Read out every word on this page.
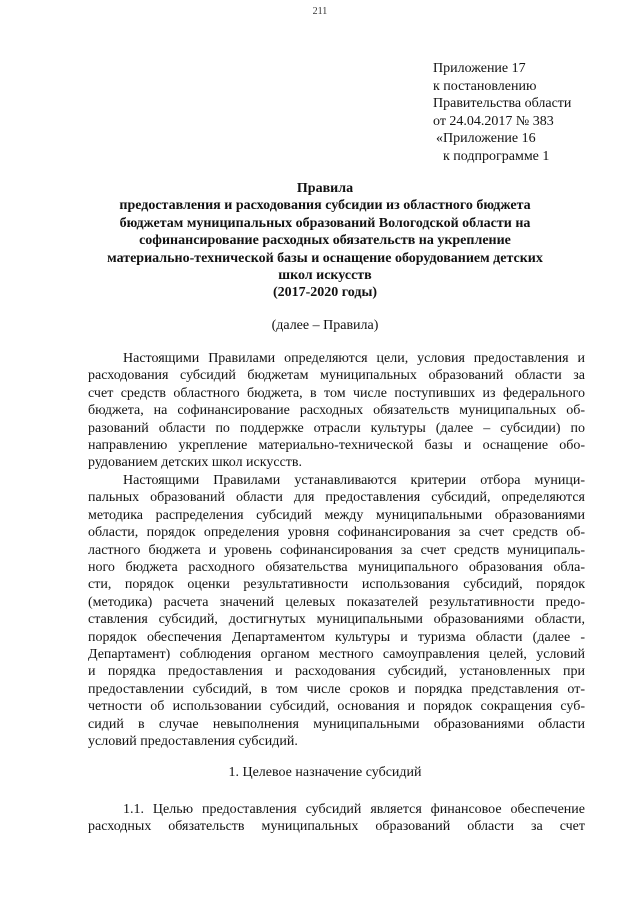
211
Приложение 17
к постановлению
Правительства области
от 24.04.2017 № 383
«Приложение 16
к подпрограмме 1
Правила
предоставления и расходования субсидии из областного бюджета
бюджетам муниципальных образований Вологодской области на
софинансирование расходных обязательств на укрепление
материально-технической базы и оснащение оборудованием детских
школ искусств
(2017-2020 годы)
(далее – Правила)
Настоящими Правилами определяются цели, условия предоставления и
расходования субсидий бюджетам муниципальных образований области за
счет средств областного бюджета, в том числе поступивших из федерального
бюджета, на софинансирование расходных обязательств муниципальных об-
разований области по поддержке отрасли культуры (далее – субсидии) по
направлению укрепление материально-технической базы и оснащение обо-
рудованием детских школ искусств.
Настоящими Правилами устанавливаются критерии отбора муници-
пальных образований области для предоставления субсидий, определяются
методика распределения субсидий между муниципальными образованиями
области, порядок определения уровня софинансирования за счет средств об-
ластного бюджета и уровень софинансирования за счет средств муниципаль-
ного бюджета расходного обязательства муниципального образования обла-
сти, порядок оценки результативности использования субсидий, порядок
(методика) расчета значений целевых показателей результативности предо-
ставления субсидий, достигнутых муниципальными образованиями области,
порядок обеспечения Департаментом культуры и туризма области (далее -
Департамент) соблюдения органом местного самоуправления целей, условий
и порядка предоставления и расходования субсидий, установленных при
предоставлении субсидий, в том числе сроков и порядка представления от-
четности об использовании субсидий, основания и порядок сокращения суб-
сидий в случае невыполнения муниципальными образованиями области
условий предоставления субсидий.
1. Целевое назначение субсидий
1.1. Целью предоставления субсидий является финансовое обеспечение
расходных обязательств муниципальных образований области за счет
